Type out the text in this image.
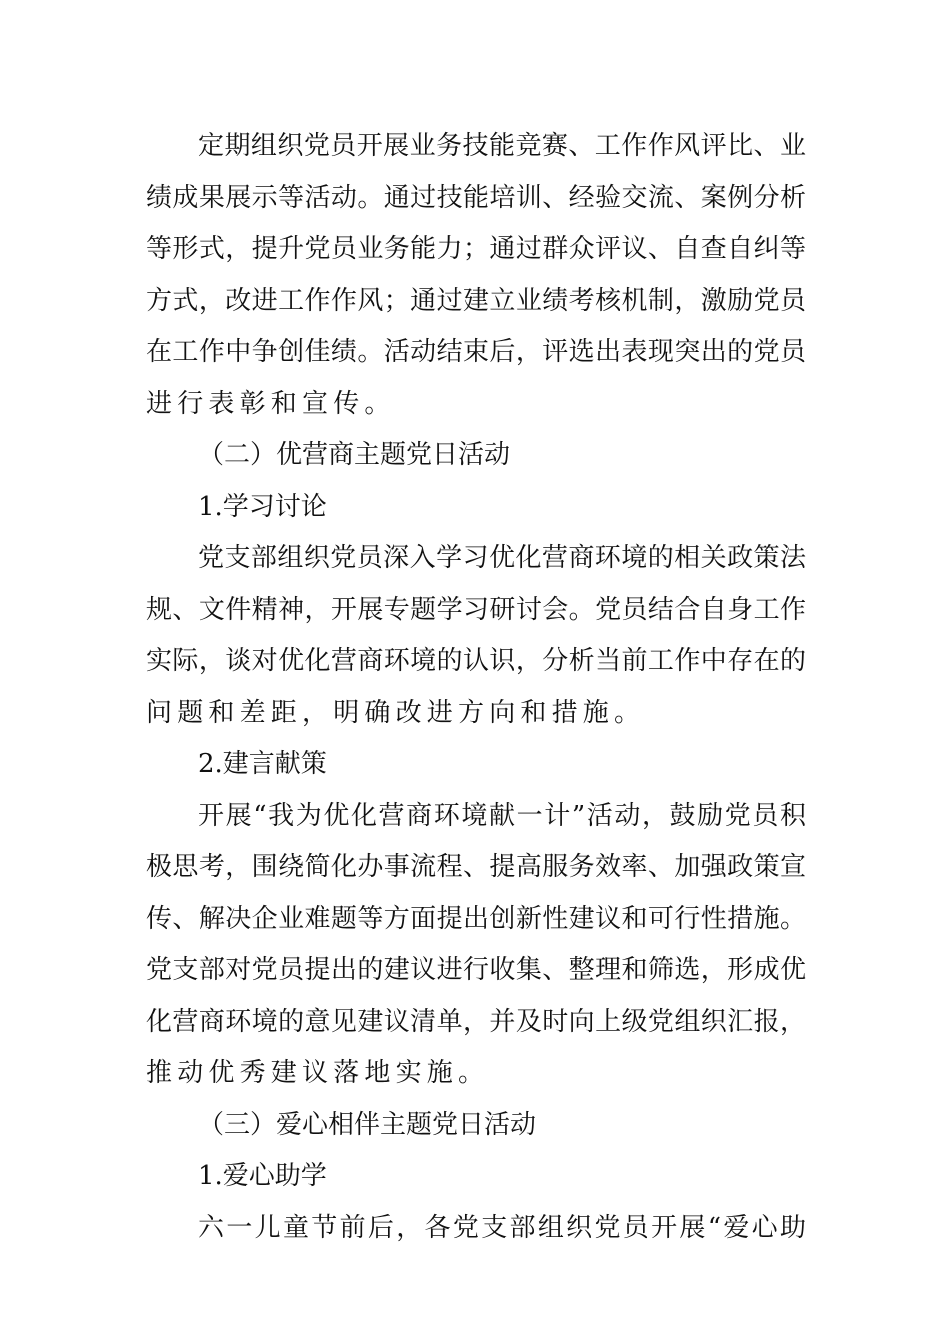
定期组织党员开展业务技能竞赛、工作作风评比、业
绩成果展示等活动。通过技能培训、经验交流、案例分析
等形式，提升党员业务能力；通过群众评议、自查自纠等
方式，改进工作作风；通过建立业绩考核机制，激励党员
在工作中争创佳绩。活动结束后，评选出表现突出的党员
进行表彰和宣传。
（二）优营商主题党日活动
1.学习讨论
党支部组织党员深入学习优化营商环境的相关政策法
规、文件精神，开展专题学习研讨会。党员结合自身工作
实际，谈对优化营商环境的认识，分析当前工作中存在的
问题和差距，明确改进方向和措施。
2.建言献策
开展“我为优化营商环境献一计”活动，鼓励党员积
极思考，围绕简化办事流程、提高服务效率、加强政策宣
传、解决企业难题等方面提出创新性建议和可行性措施。
党支部对党员提出的建议进行收集、整理和筛选，形成优
化营商环境的意见建议清单，并及时向上级党组织汇报，
推动优秀建议落地实施。
（三）爱心相伴主题党日活动
1.爱心助学
六一儿童节前后，各党支部组织党员开展“爱心助
